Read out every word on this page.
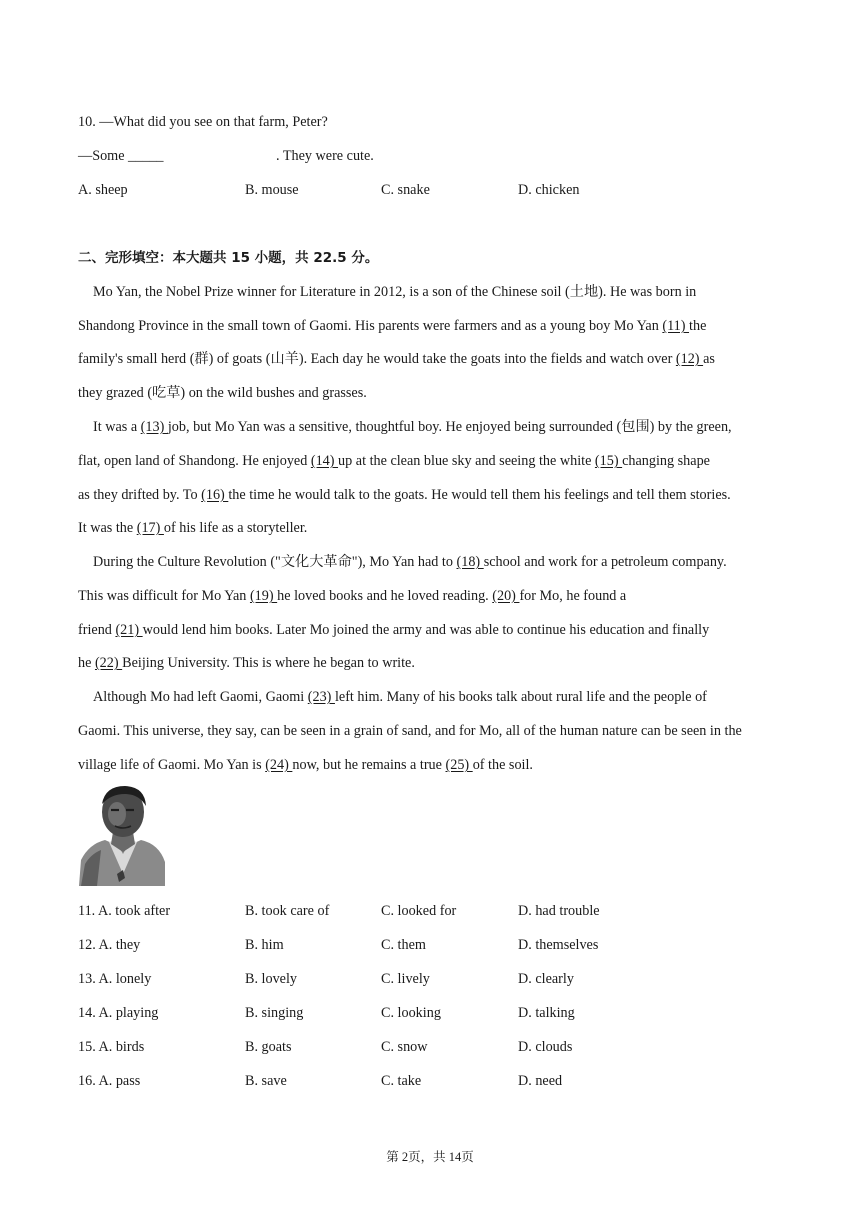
10. —What did you see on that farm, Peter?
—Some _____	. They were cute.
A. sheep	B. mouse	C. snake	D. chicken
二、完形填空：本大题共 15 小题，共 22.5 分。
Mo Yan, the Nobel Prize winner for Literature in 2012, is a son of the Chinese soil (土地). He was born in
Shandong Province in the small town of Gaomi. His parents were farmers and as a young boy Mo Yan (11) the
family's small herd (群) of goats (山羊). Each day he would take the goats into the fields and watch over (12) as
they grazed (吃草) on the wild bushes and grasses.
It was a (13) job, but Mo Yan was a sensitive, thoughtful boy. He enjoyed being surrounded (包围) by the green,
flat, open land of Shandong. He enjoyed (14) up at the clean blue sky and seeing the white (15) changing shape
as they drifted by. To (16) the time he would talk to the goats. He would tell them his feelings and tell them stories.
It was the (17) of his life as a storyteller.
During the Culture Revolution ("文化大革命"), Mo Yan had to (18) school and work for a petroleum company.
This was difficult for Mo Yan (19) he loved books and he loved reading. (20) for Mo, he found a
friend (21) would lend him books. Later Mo joined the army and was able to continue his education and finally
he (22) Beijing University. This is where he began to write.
Although Mo had left Gaomi, Gaomi (23) left him. Many of his books talk about rural life and the people of
Gaomi. This universe, they say, can be seen in a grain of sand, and for Mo, all of the human nature can be seen in the
village life of Gaomi. Mo Yan is (24) now, but he remains a true (25) of the soil.
11. A. took after	B. took care of	C. looked for	D. had trouble
12. A. they	B. him	C. them	D. themselves
13. A. lonely	B. lovely	C. lively	D. clearly
14. A. playing	B. singing	C. looking	D. talking
15. A. birds	B. goats	C. snow	D. clouds
16. A. pass	B. save	C. take	D. need
第 2页，共 14页
